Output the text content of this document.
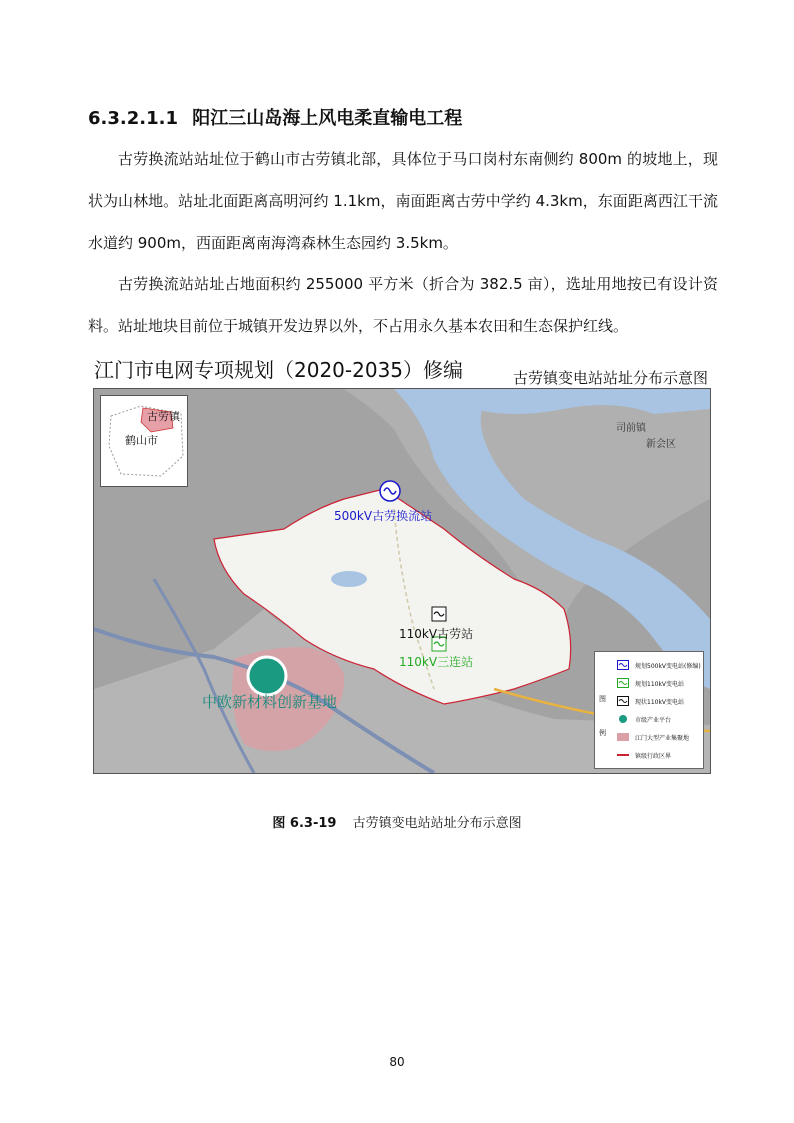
6.3.2.1.1 阳江三山岛海上风电柔直输电工程
古劳换流站站址位于鹤山市古劳镇北部，具体位于马口岗村东南侧约 800m 的坡地上，现状为山林地。站址北面距离高明河约 1.1km，南面距离古劳中学约 4.3km，东面距离西江干流水道约 900m，西面距离南海湾森林生态园约 3.5km。
古劳换流站站址占地面积约 255000 平方米（折合为 382.5 亩），选址用地按已有设计资料。站址地块目前位于城镇开发边界以外，不占用永久基本农田和生态保护红线。
江门市电网专项规划（2020-2035）修编	古劳镇变电站站址分布示意图
古劳镇
鹤山市
500kV古劳换流站
110kV古劳站
110kV三连站
中欧新材料创新基地
新会区
司前镇
图例
规划500kV变电站(修编)
规划110kV变电站
现状110kV变电站
市级产业平台
江门大型产业集聚地
镇级行政区界
图 6.3-19 古劳镇变电站站址分布示意图
80
